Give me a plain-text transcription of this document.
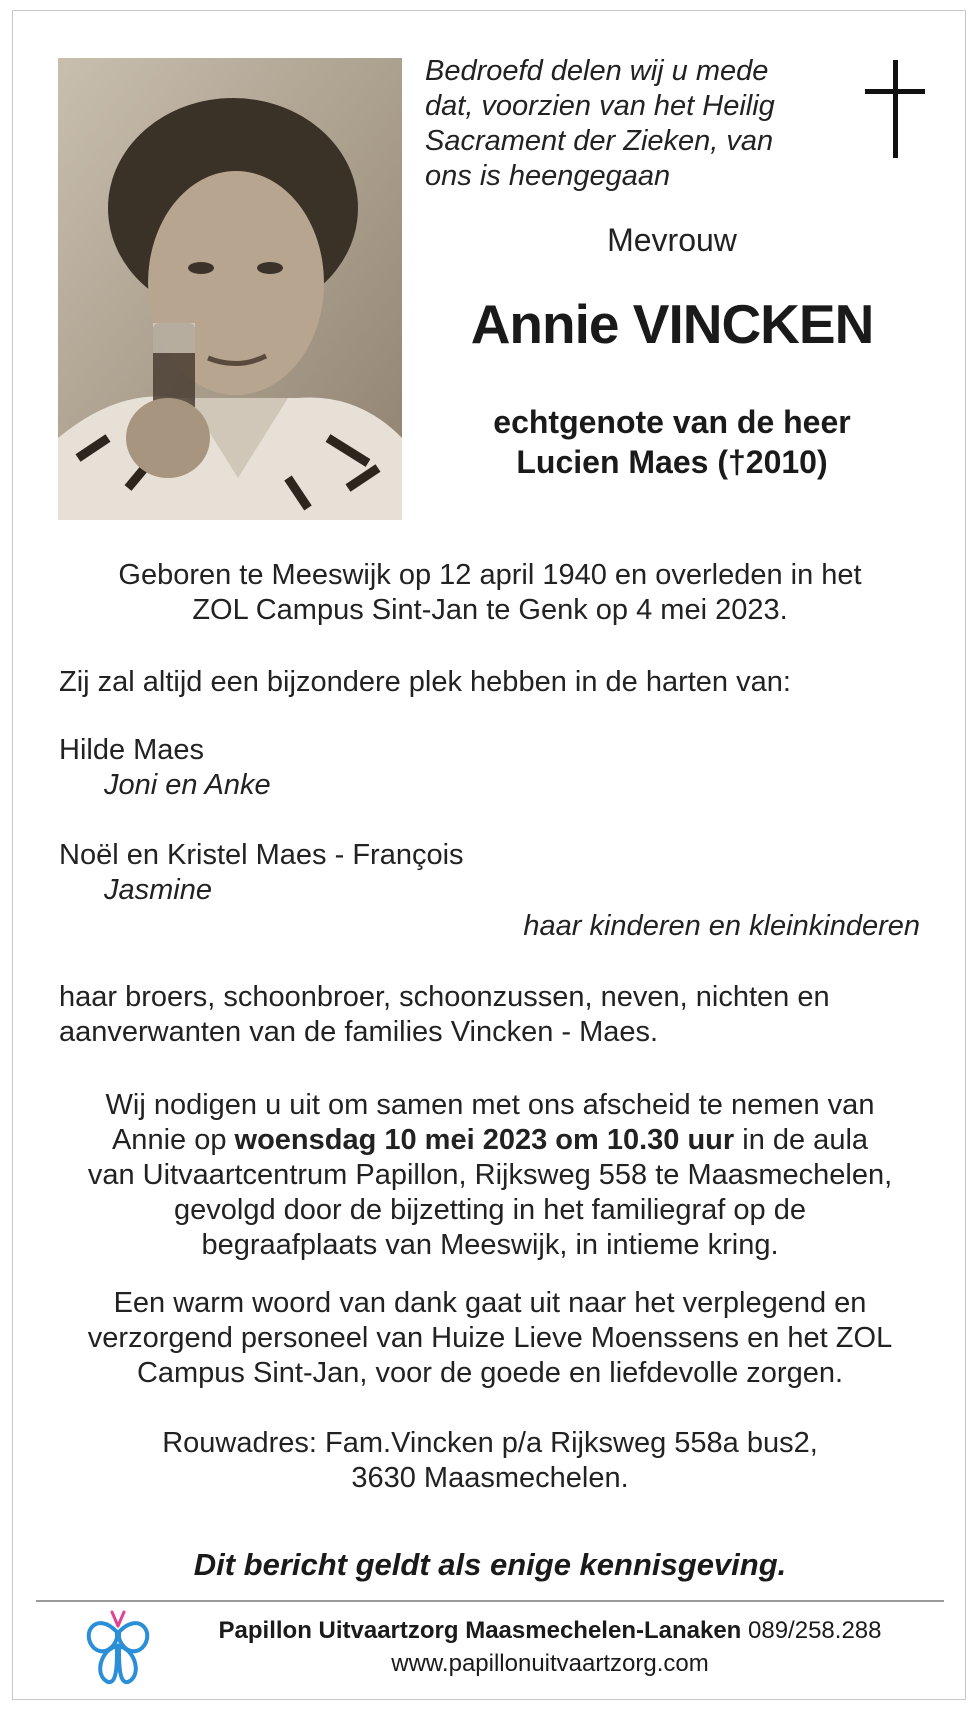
Bedroefd delen wij u mede
dat, voorzien van het Heilig
Sacrament der Zieken, van
ons is heengegaan
Mevrouw
Annie VINCKEN
echtgenote van de heer
Lucien Maes (†2010)
Geboren te Meeswijk op 12 april 1940 en overleden in het
ZOL Campus Sint-Jan te Genk op 4 mei 2023.
Zij zal altijd een bijzondere plek hebben in de harten van:
Hilde Maes
Joni en Anke
Noël en Kristel Maes - François
Jasmine
haar kinderen en kleinkinderen
haar broers, schoonbroer, schoonzussen, neven, nichten en
aanverwanten van de families Vincken - Maes.
Wij nodigen u uit om samen met ons afscheid te nemen van
Annie op woensdag 10 mei 2023 om 10.30 uur in de aula
van Uitvaartcentrum Papillon, Rijksweg 558 te Maasmechelen,
gevolgd door de bijzetting in het familiegraf op de
begraafplaats van Meeswijk, in intieme kring.
Een warm woord van dank gaat uit naar het verplegend en
verzorgend personeel van Huize Lieve Moenssens en het ZOL
Campus Sint-Jan, voor de goede en liefdevolle zorgen.
Rouwadres: Fam.Vincken p/a Rijksweg 558a bus2,
3630 Maasmechelen.
Dit bericht geldt als enige kennisgeving.
Papillon Uitvaartzorg Maasmechelen-Lanaken 089/258.288
www.papillonuitvaartzorg.com
